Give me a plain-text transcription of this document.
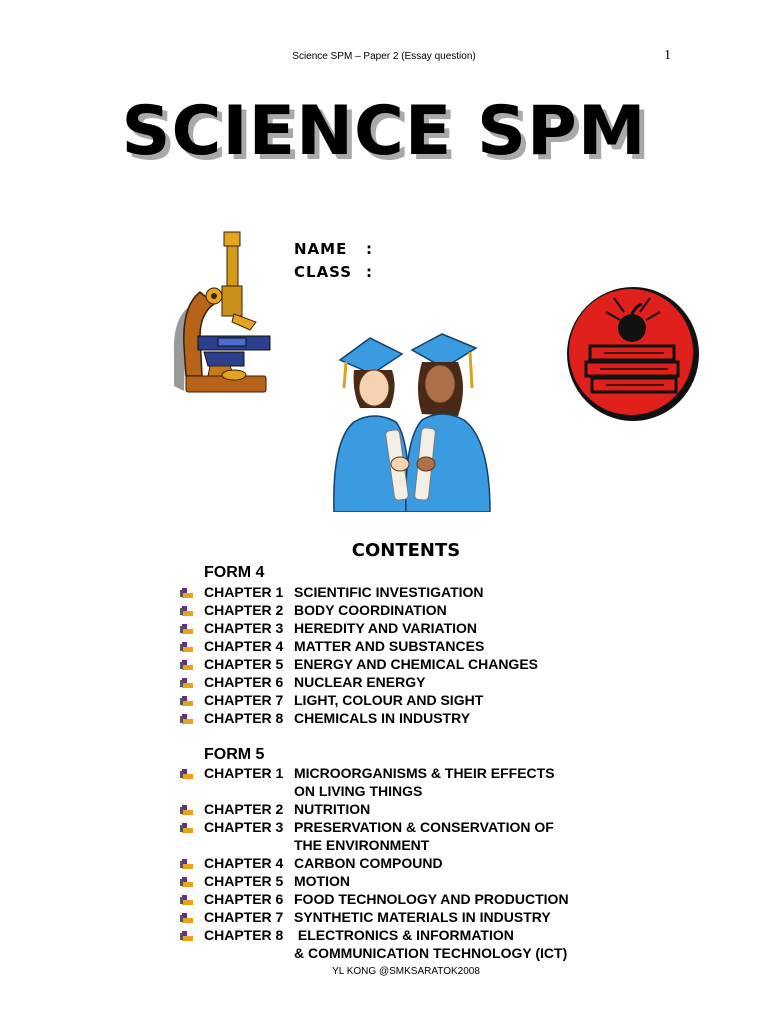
Science SPM – Paper 2 (Essay question)	1
SCIENCE SPM
NAME :
CLASS :
CONTENTS
FORM 4
CHAPTER 1 SCIENTIFIC INVESTIGATION
CHAPTER 2 BODY COORDINATION
CHAPTER 3 HEREDITY AND VARIATION
CHAPTER 4 MATTER AND SUBSTANCES
CHAPTER 5 ENERGY AND CHEMICAL CHANGES
CHAPTER 6 NUCLEAR ENERGY
CHAPTER 7 LIGHT, COLOUR AND SIGHT
CHAPTER 8 CHEMICALS IN INDUSTRY
FORM 5
CHAPTER 1 MICROORGANISMS & THEIR EFFECTS
ON LIVING THINGS
CHAPTER 2 NUTRITION
CHAPTER 3 PRESERVATION & CONSERVATION OF
THE ENVIRONMENT
CHAPTER 4 CARBON COMPOUND
CHAPTER 5 MOTION
CHAPTER 6 FOOD TECHNOLOGY AND PRODUCTION
CHAPTER 7 SYNTHETIC MATERIALS IN INDUSTRY
CHAPTER 8 ELECTRONICS & INFORMATION
& COMMUNICATION TECHNOLOGY (ICT)
YL KONG @SMKSARATOK2008
